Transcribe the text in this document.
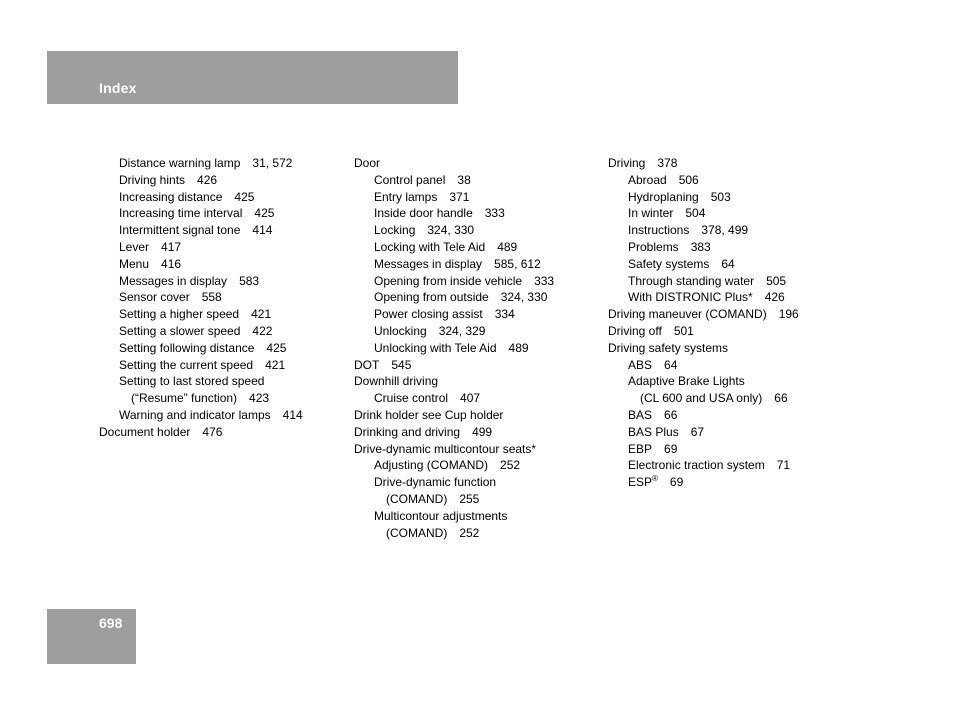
Index
Distance warning lamp 31, 572
Driving hints 426
Increasing distance 425
Increasing time interval 425
Intermittent signal tone 414
Lever 417
Menu 416
Messages in display 583
Sensor cover 558
Setting a higher speed 421
Setting a slower speed 422
Setting following distance 425
Setting the current speed 421
Setting to last stored speed
(“Resume” function) 423
Warning and indicator lamps 414
Document holder 476
Door
Control panel 38
Entry lamps 371
Inside door handle 333
Locking 324, 330
Locking with Tele Aid 489
Messages in display 585, 612
Opening from inside vehicle 333
Opening from outside 324, 330
Power closing assist 334
Unlocking 324, 329
Unlocking with Tele Aid 489
DOT 545
Downhill driving
Cruise control 407
Drink holder see Cup holder
Drinking and driving 499
Drive-dynamic multicontour seats*
Adjusting (COMAND) 252
Drive-dynamic function
(COMAND) 255
Multicontour adjustments
(COMAND) 252
Driving 378
Abroad 506
Hydroplaning 503
In winter 504
Instructions 378, 499
Problems 383
Safety systems 64
Through standing water 505
With DISTRONIC Plus* 426
Driving maneuver (COMAND) 196
Driving off 501
Driving safety systems
ABS 64
Adaptive Brake Lights
(CL 600 and USA only) 66
BAS 66
BAS Plus 67
EBP 69
Electronic traction system 71
ESP® 69
698
